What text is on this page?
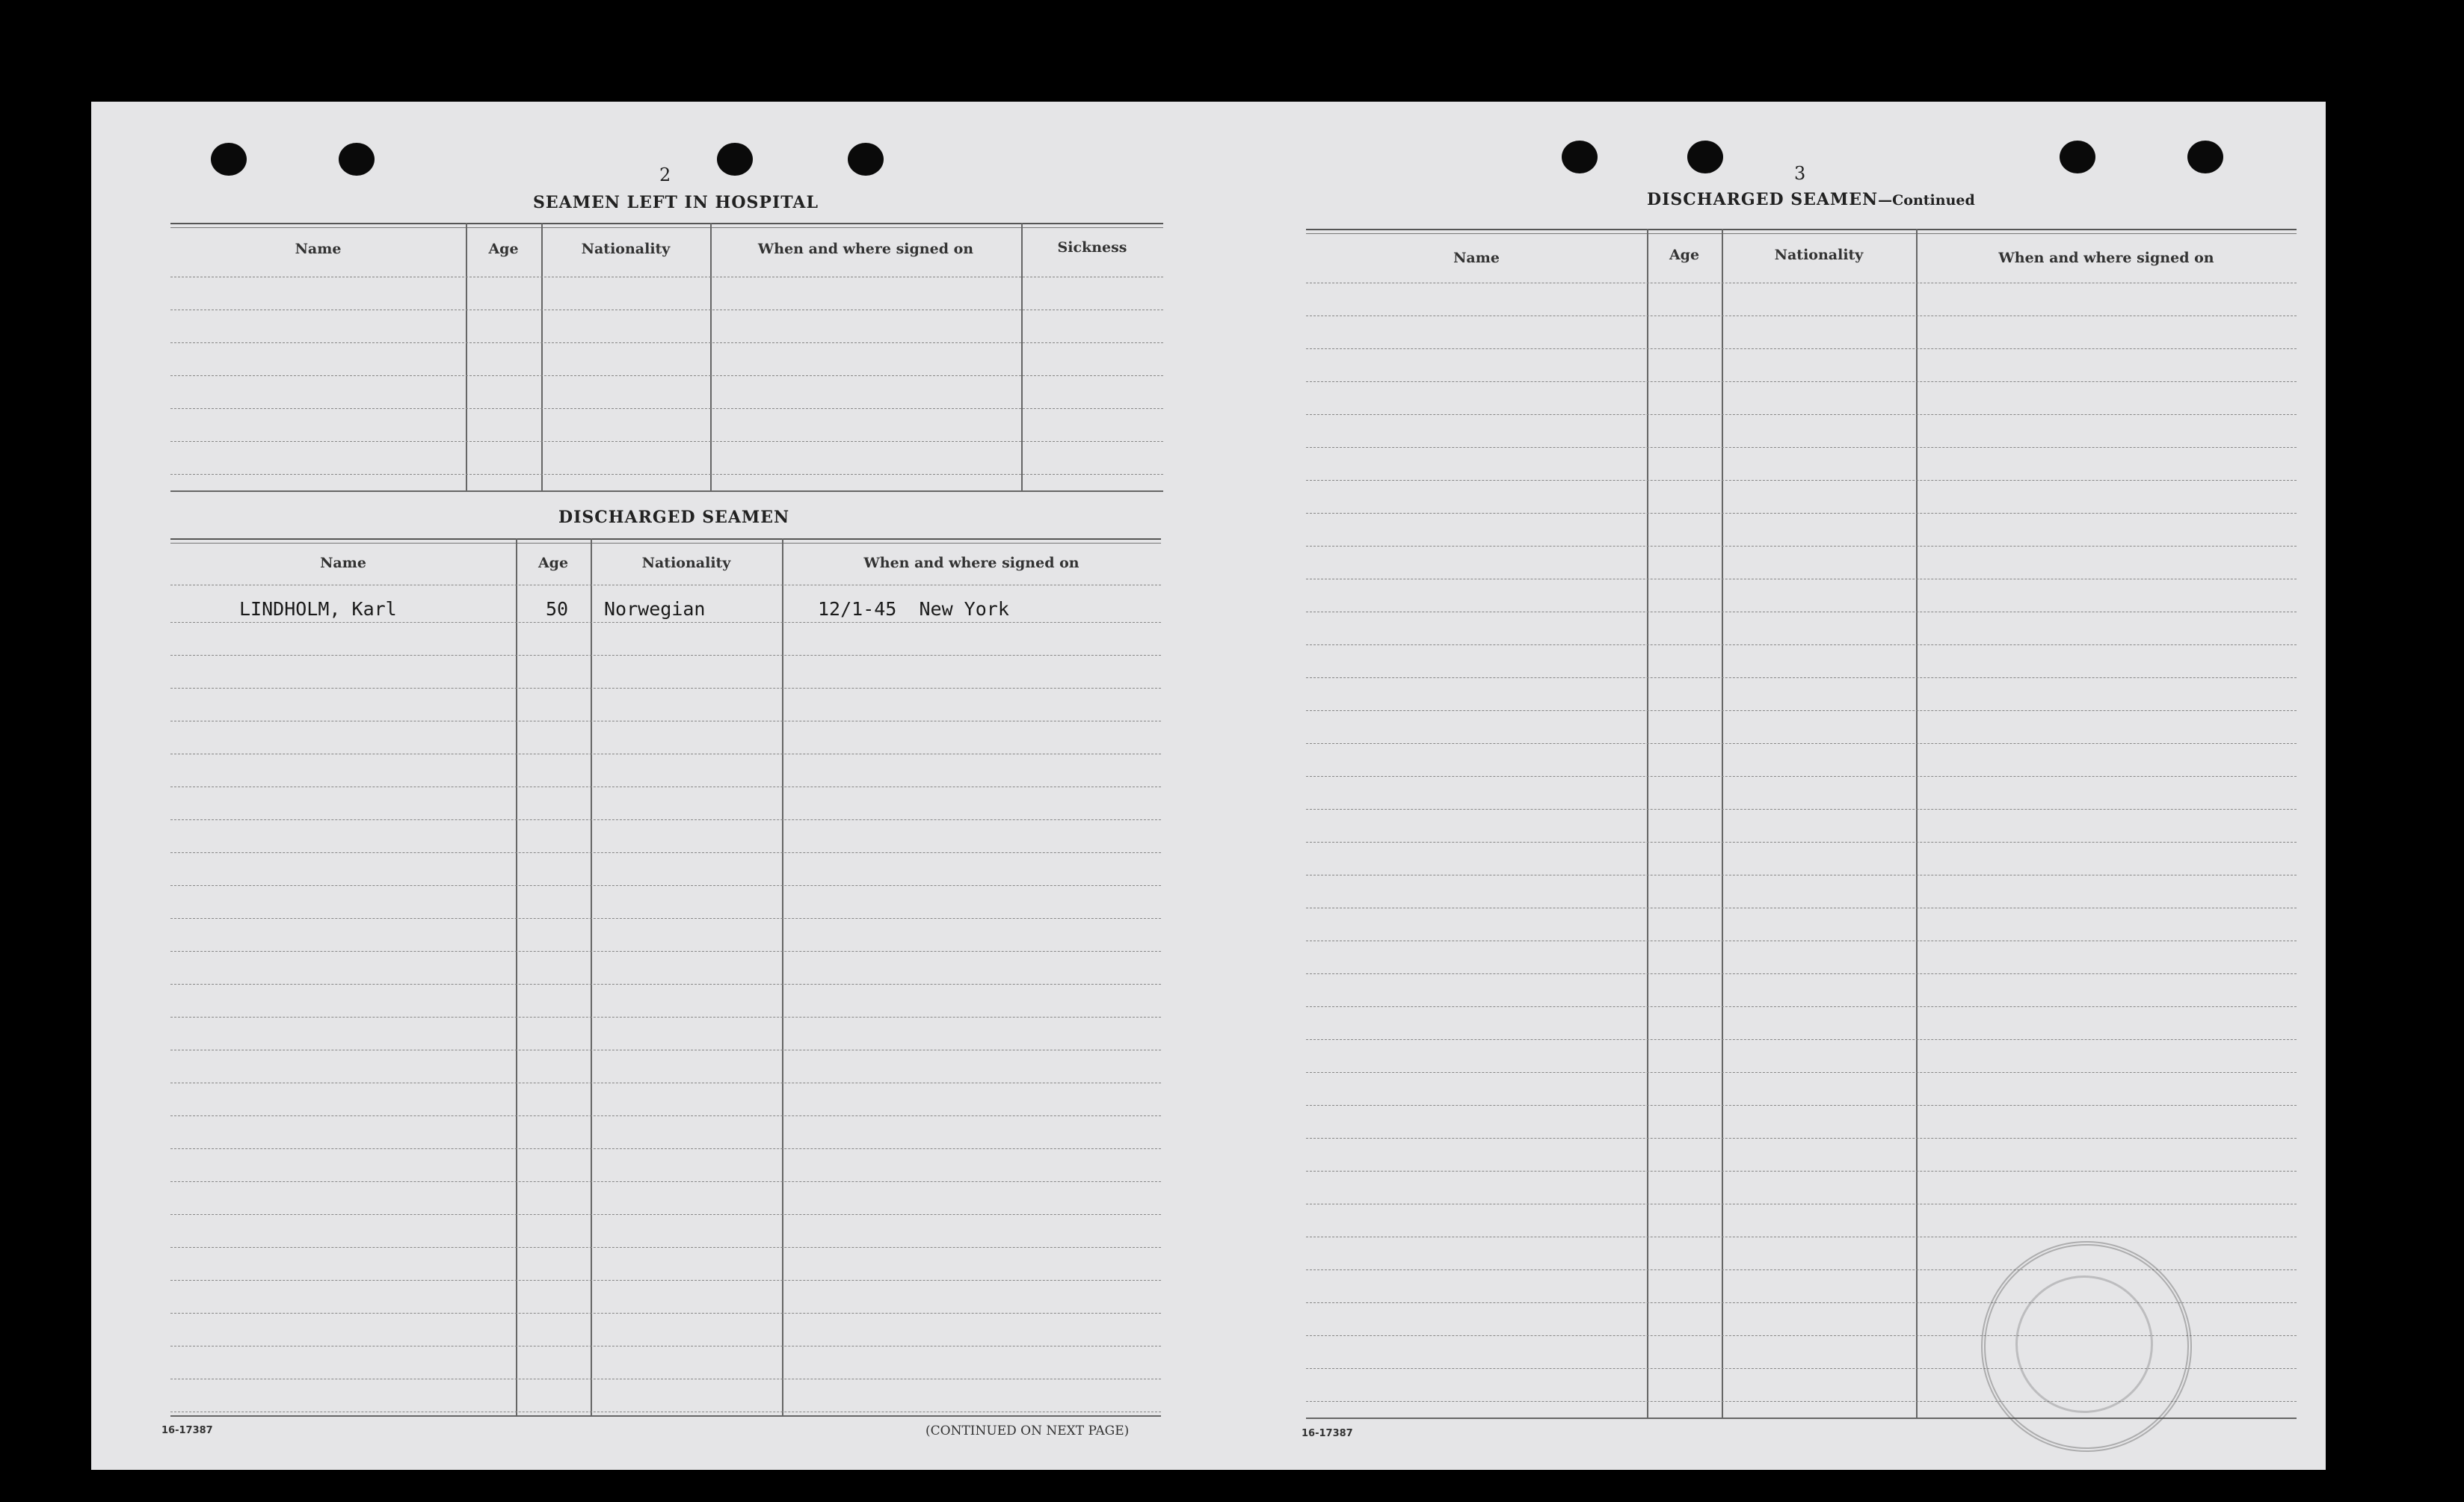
2
SEAMEN LEFT IN HOSPITAL
Name	Age	Nationality	When and where signed on	Sickness
DISCHARGED SEAMEN
Name	Age	Nationality	When and where signed on
LINDHOLM, Karl	50 Norwegian	12/1-45  New York
16-17387	(CONTINUED ON NEXT PAGE)
3
DISCHARGED SEAMEN—Continued
Name	Age	Nationality	When and where signed on
16-17387
